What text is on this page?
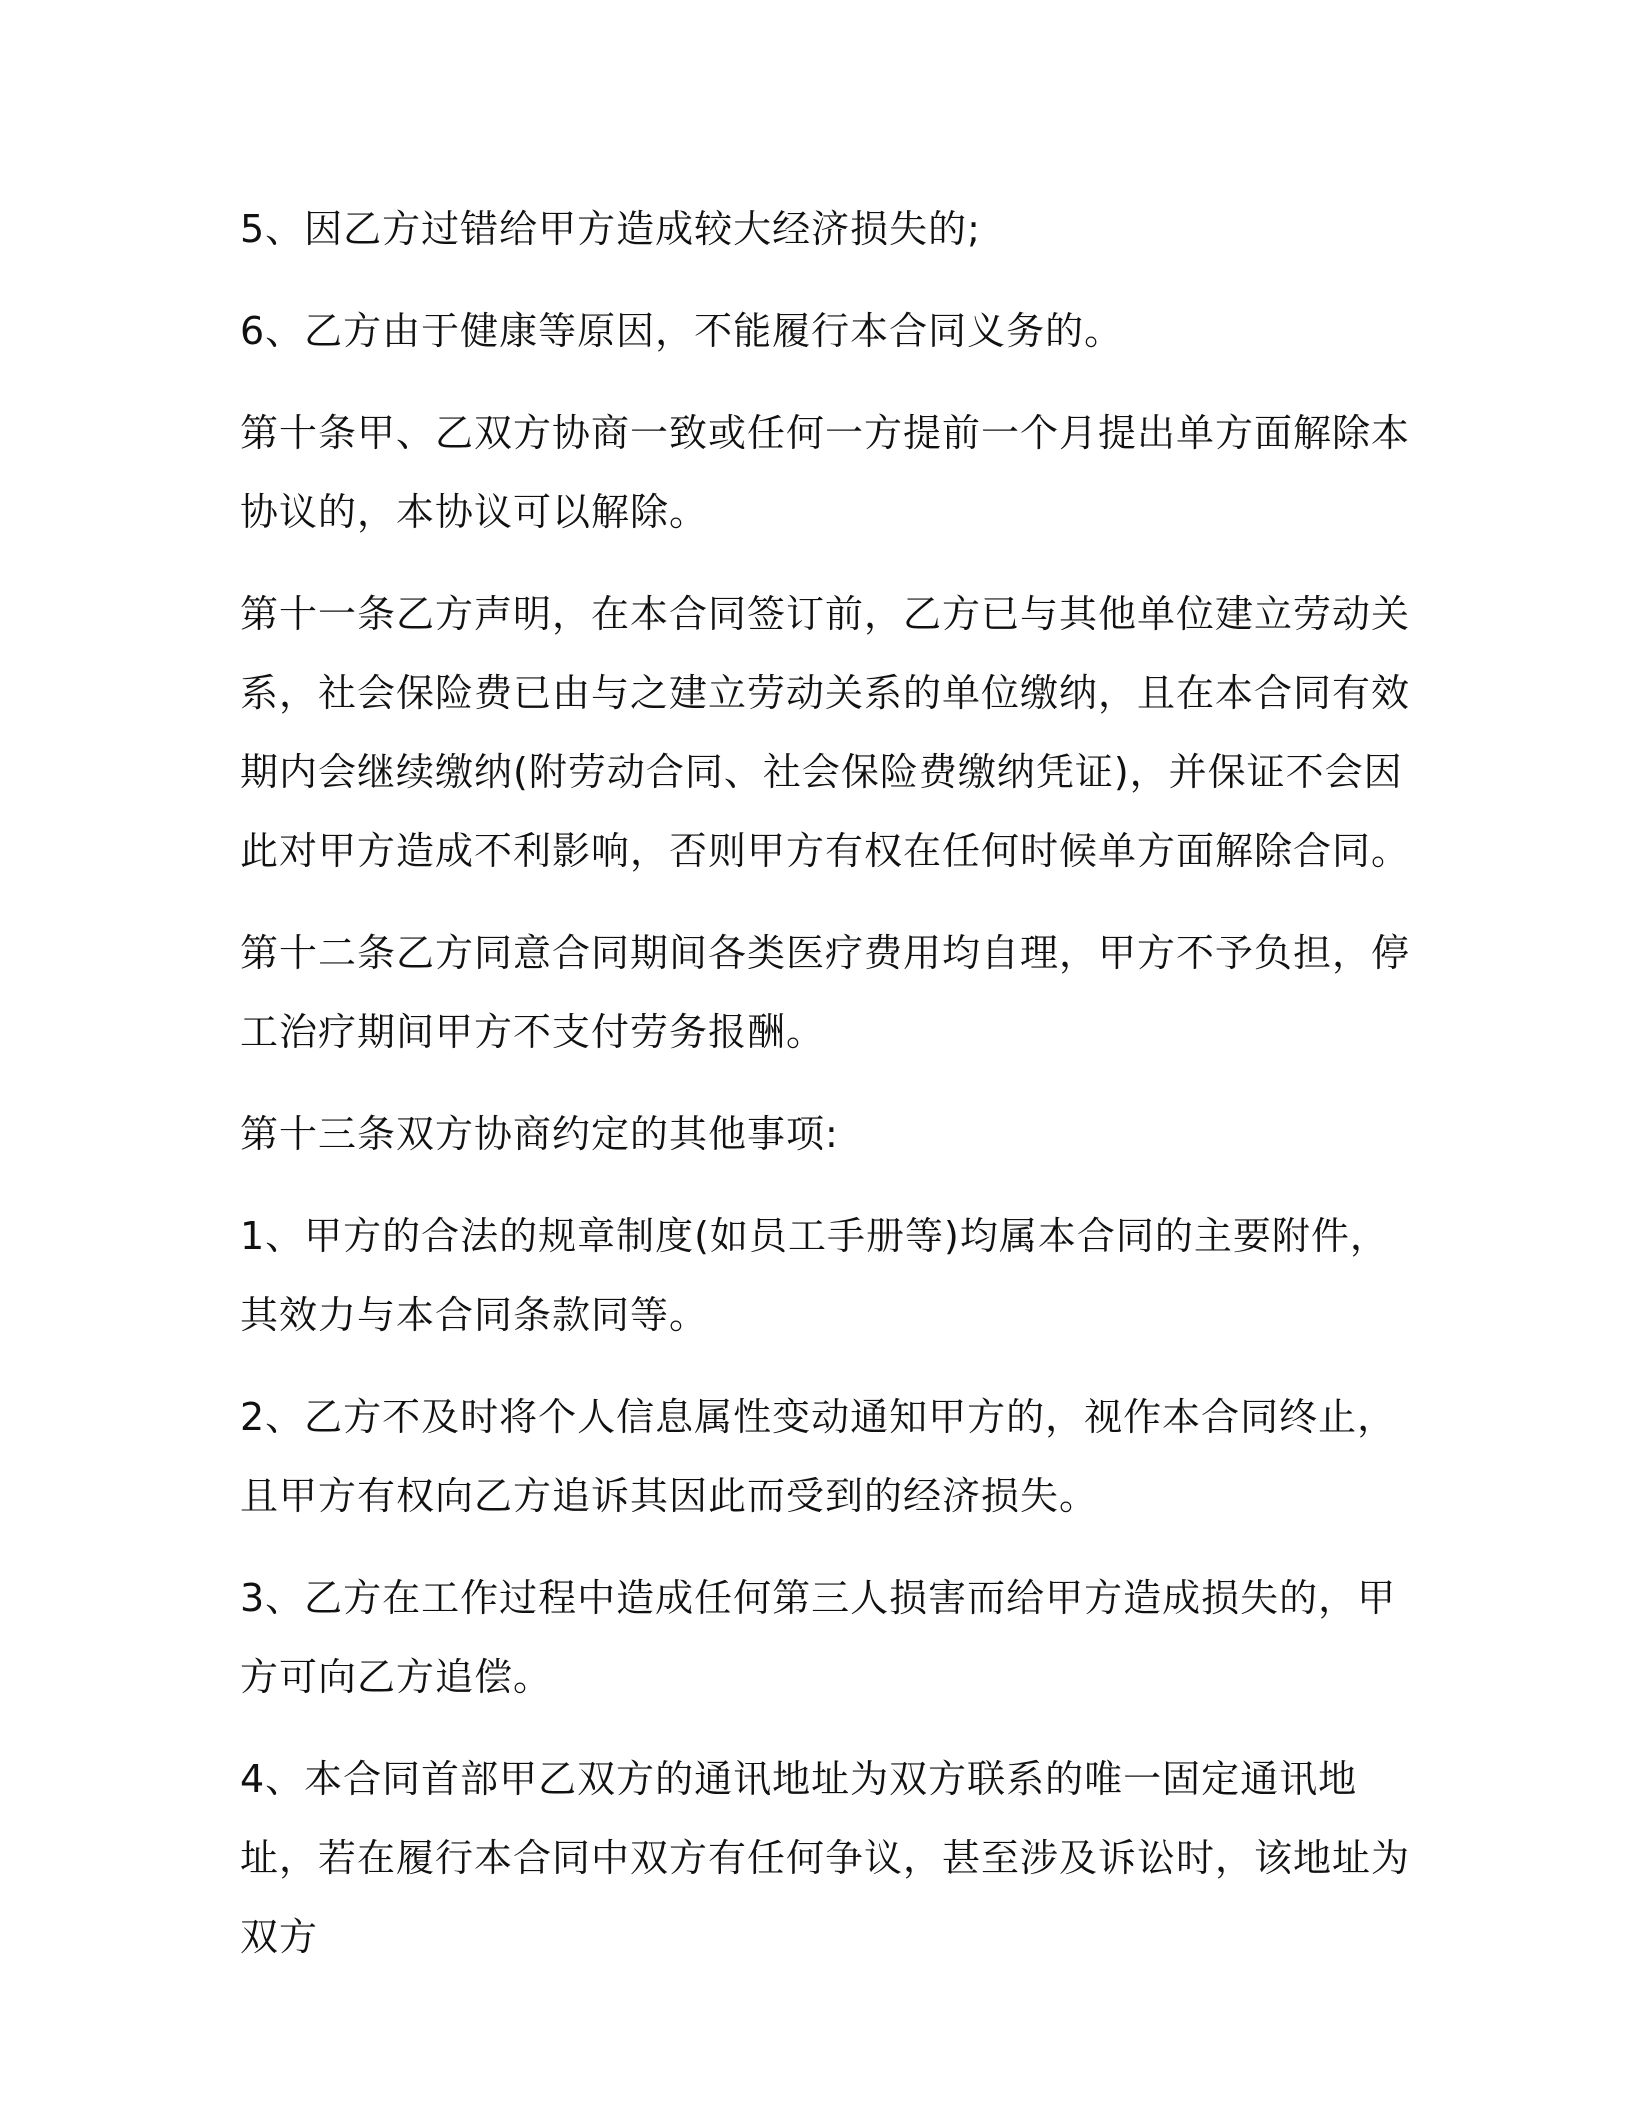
5、因乙方过错给甲方造成较大经济损失的;

6、乙方由于健康等原因，不能履行本合同义务的。

第十条甲、乙双方协商一致或任何一方提前一个月提出单方面解除本协议的，本协议可以解除。

第十一条乙方声明，在本合同签订前，乙方已与其他单位建立劳动关系，社会保险费已由与之建立劳动关系的单位缴纳，且在本合同有效期内会继续缴纳(附劳动合同、社会保险费缴纳凭证)，并保证不会因此对甲方造成不利影响，否则甲方有权在任何时候单方面解除合同。

第十二条乙方同意合同期间各类医疗费用均自理，甲方不予负担，停工治疗期间甲方不支付劳务报酬。

第十三条双方协商约定的其他事项:

1、甲方的合法的规章制度(如员工手册等)均属本合同的主要附件，其效力与本合同条款同等。

2、乙方不及时将个人信息属性变动通知甲方的，视作本合同终止，且甲方有权向乙方追诉其因此而受到的经济损失。

3、乙方在工作过程中造成任何第三人损害而给甲方造成损失的，甲方可向乙方追偿。

4、本合同首部甲乙双方的通讯地址为双方联系的唯一固定通讯地址，若在履行本合同中双方有任何争议，甚至涉及诉讼时，该地址为双方
